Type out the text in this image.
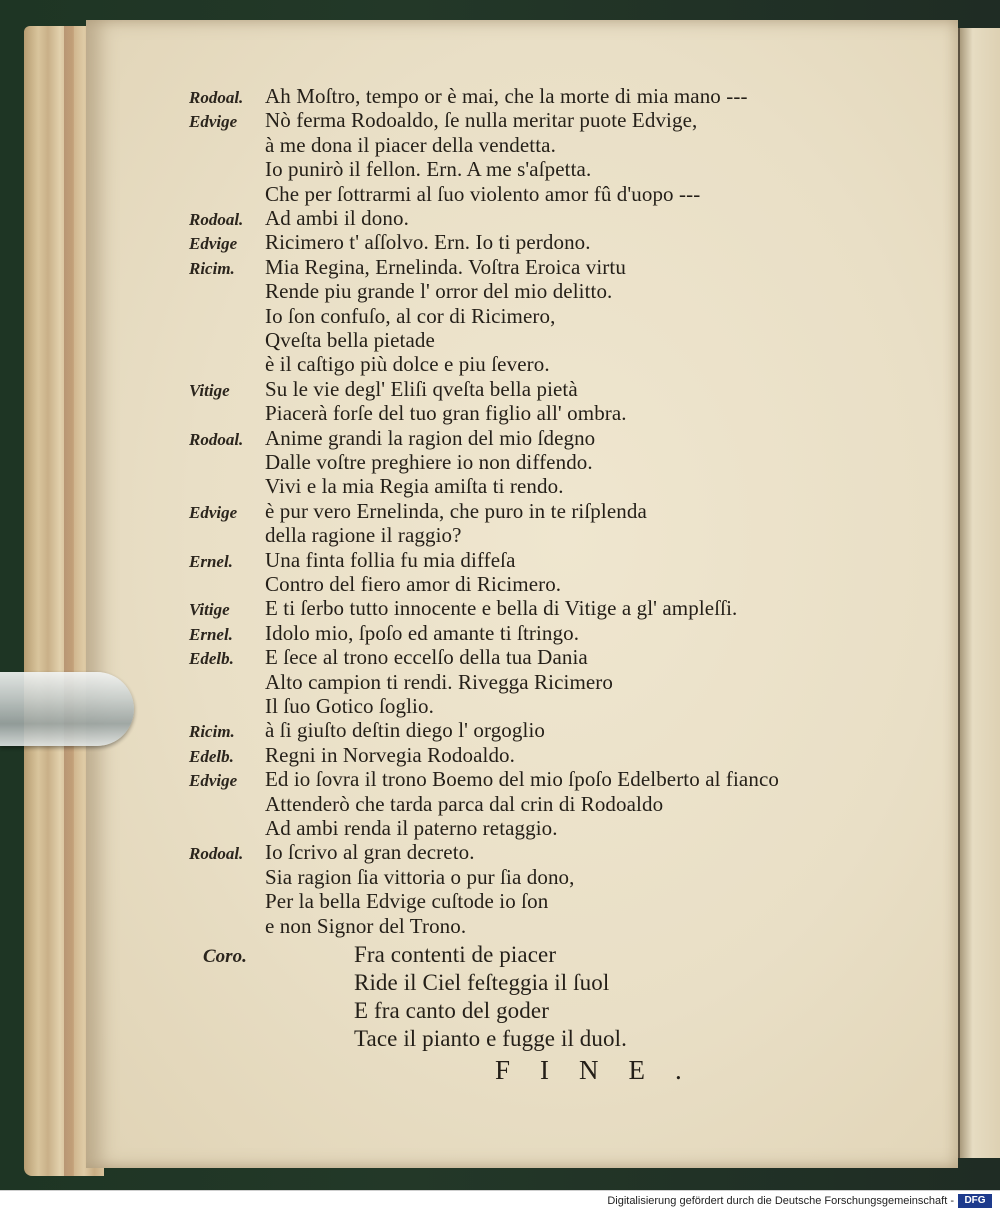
FINE.
Rodoal. Ah Moſtro, tempo or è mai, che la morte di mia mano ---
Edvige Nò ferma Rodoaldo, ſe nulla meritar puote Edvige,
à me dona il piacer della vendetta.
Io punirò il fellon. Ern. A me s'aſpetta.
Che per ſottrarmi al ſuo violento amor fû d'uopo ---
Rodoal. Ad ambi il dono.
Edvige Ricimero t' aſſolvo. Ern. Io ti perdono.
Ricim. Mia Regina, Ernelinda. Voſtra Eroica virtu
Rende piu grande l' orror del mio delitto.
Io ſon confuſo, al cor di Ricimero,
Qveſta bella pietade
è il caſtigo più dolce e piu ſevero.
Vitige Su le vie degl' Eliſi qveſta bella pietà
Piacerà forſe del tuo gran figlio all' ombra.
Rodoal. Anime grandi la ragion del mio ſdegno
Dalle voſtre preghiere io non diffendo.
Vivi e la mia Regia amiſta ti rendo.
Edvige è pur vero Ernelinda, che puro in te riſplenda
della ragione il raggio?
Ernel. Una finta follia fu mia diffeſa
Contro del fiero amor di Ricimero.
Vitige E ti ſerbo tutto innocente e bella di Vitige a gl' ampleſſi.
Ernel. Idolo mio, ſpoſo ed amante ti ſtringo.
Edelb. E ſece al trono eccelſo della tua Dania
Alto campion ti rendi. Rivegga Ricimero
Il ſuo Gotico ſoglio.
Ricim. à ſi giuſto deſtin diego l' orgoglio
Edelb. Regni in Norvegia Rodoaldo.
Edvige Ed io ſovra il trono Boemo del mio ſpoſo Edelberto al fianco
Attenderò che tarda parca dal crin di Rodoaldo
Ad ambi renda il paterno retaggio.
Rodoal. Io ſcrivo al gran decreto.
Sia ragion ſia vittoria o pur ſia dono,
Per la bella Edvige cuſtode io ſon
e non Signor del Trono.
Coro.	Fra contenti de piacer
Ride il Ciel feſteggia il ſuol
E fra canto del goder
Tace il pianto e fugge il duol.
Digitalisierung gefördert durch die Deutsche Forschungsgemeinschaft -	DFG
